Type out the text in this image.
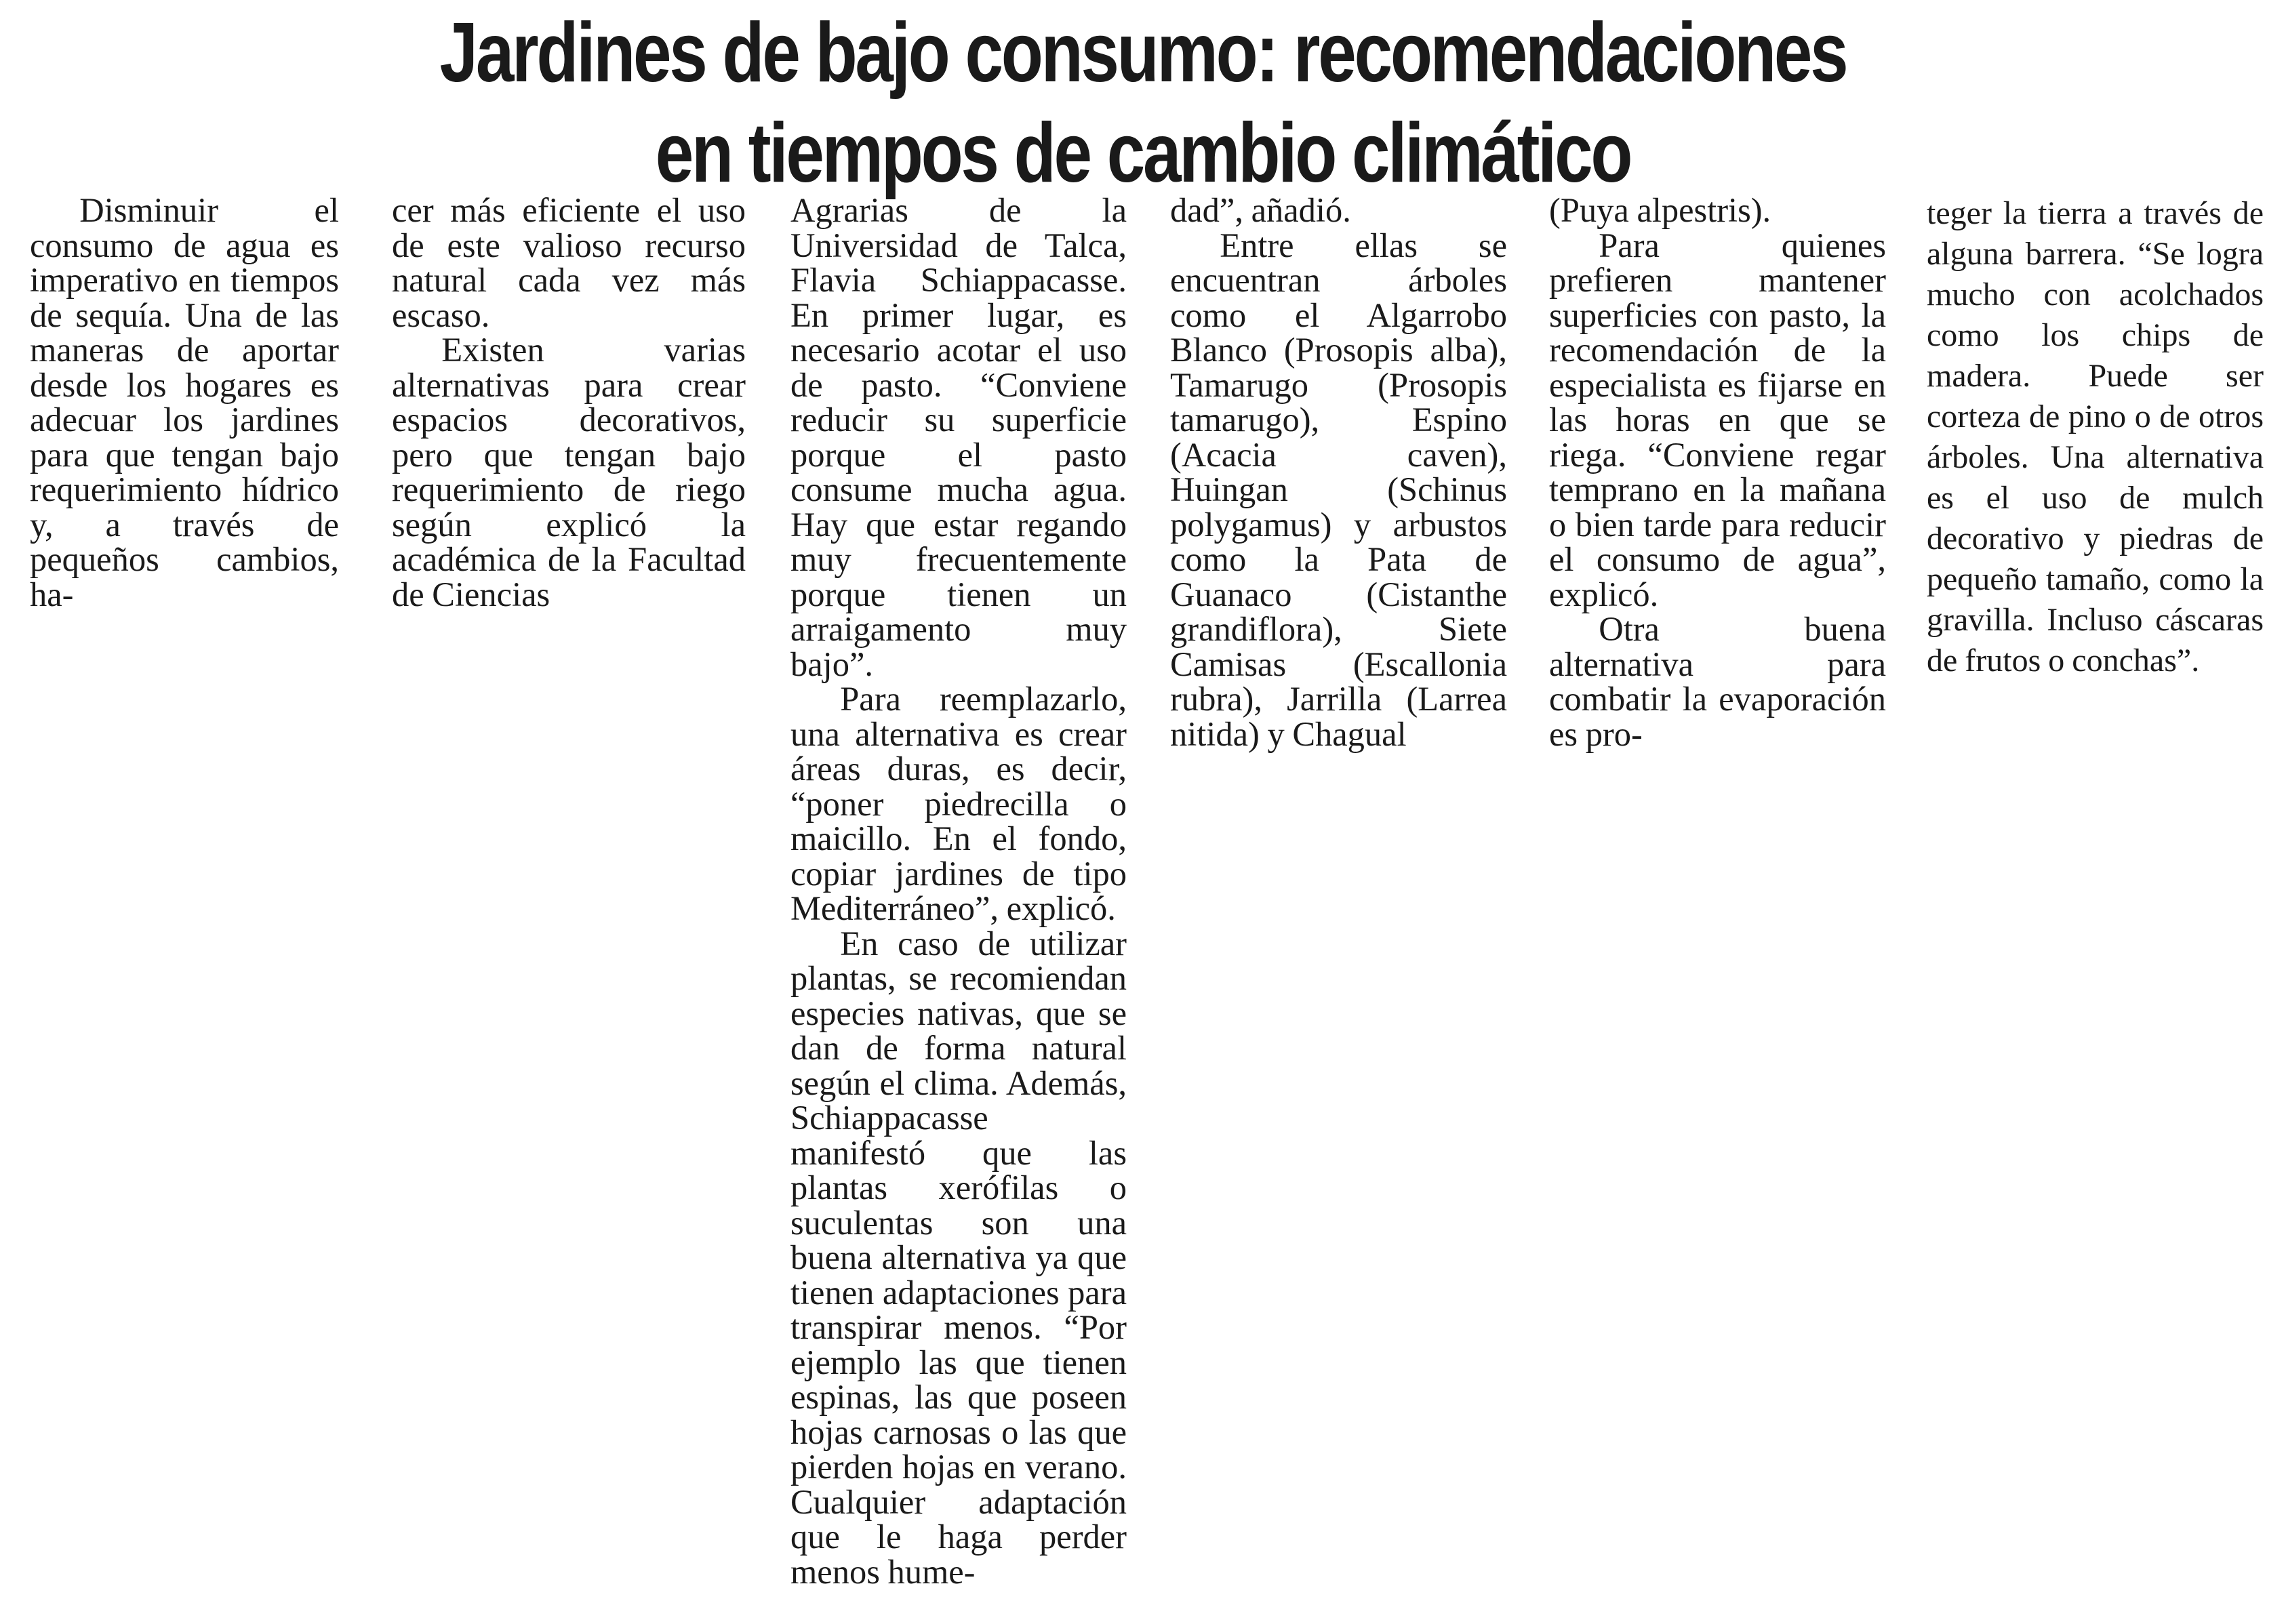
Jardines de bajo consumo: recomendaciones
en tiempos de cambio climático

Disminuir el consumo de agua es imperativo en tiempos de sequía. Una de las maneras de aportar desde los hogares es adecuar los jardines para que tengan bajo requerimiento hídrico y, a través de pequeños cambios, ha-

cer más eficiente el uso de este valioso recurso natural cada vez más escaso.

Existen varias alternativas para crear espacios decorativos, pero que tengan bajo requerimiento de riego según explicó la académica de la Facultad de Ciencias

Agrarias de la Universidad de Talca, Flavia Schiappacasse. En primer lugar, es necesario acotar el uso de pasto. “Conviene reducir su superficie porque el pasto consume mucha agua. Hay que estar regando muy frecuentemente porque tienen un arraigamento muy bajo”.

Para reemplazarlo, una alternativa es crear áreas duras, es decir, “poner piedrecilla o maicillo. En el fondo, copiar jardines de tipo Mediterráneo”, explicó.

En caso de utilizar plantas, se recomiendan especies nativas, que se dan de forma natural según el clima. Además, Schiappacasse manifestó que las plantas xerófilas o suculentas son una buena alternativa ya que tienen adaptaciones para transpirar menos. “Por ejemplo las que tienen espinas, las que poseen hojas carnosas o las que pierden hojas en verano. Cualquier adaptación que le haga perder menos hume-

dad”, añadió.

Entre ellas se encuentran árboles como el Algarrobo Blanco (Prosopis alba), Tamarugo (Prosopis tamarugo), Espino (Acacia caven), Huingan (Schinus polygamus) y arbustos como la Pata de Guanaco (Cistanthe grandiflora), Siete Camisas (Escallonia rubra), Jarrilla (Larrea nitida) y Chagual

(Puya alpestris).

Para quienes prefieren mantener superficies con pasto, la recomendación de la especialista es fijarse en las horas en que se riega. “Conviene regar temprano en la mañana o bien tarde para reducir el consumo de agua”, explicó.

Otra buena alternativa para combatir la evaporación es pro-

teger la tierra a través de alguna barrera. “Se logra mucho con acolchados como los chips de madera. Puede ser corteza de pino o de otros árboles. Una alternativa es el uso de mulch decorativo y piedras de pequeño tamaño, como la gravilla. Incluso cáscaras de frutos o conchas”.
